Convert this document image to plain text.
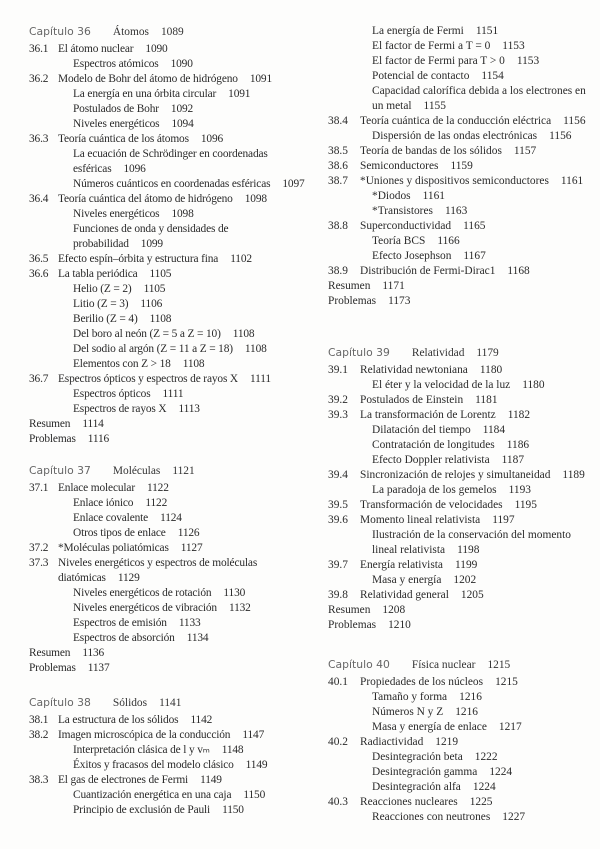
Capítulo 36 Átomos 1089
36.1 El átomo nuclear 1090
Espectros atómicos 1090
36.2 Modelo de Bohr del átomo de hidrógeno 1091
La energía en una órbita circular 1091
Postulados de Bohr 1092
Niveles energéticos 1094
36.3 Teoría cuántica de los átomos 1096
La ecuación de Schrödinger en coordenadas esféricas 1096
Números cuánticos en coordenadas esféricas 1097
36.4 Teoría cuántica del átomo de hidrógeno 1098
Niveles energéticos 1098
Funciones de onda y densidades de probabilidad 1099
36.5 Efecto espín–órbita y estructura fina 1102
36.6 La tabla periódica 1105
Helio (Z = 2) 1105
Litio (Z = 3) 1106
Berilio (Z = 4) 1108
Del boro al neón (Z = 5 a Z = 10) 1108
Del sodio al argón (Z = 11 a Z = 18) 1108
Elementos con Z > 18 1108
36.7 Espectros ópticos y espectros de rayos X 1111
Espectros ópticos 1111
Espectros de rayos X 1113
Resumen 1114
Problemas 1116
Capítulo 37 Moléculas 1121
37.1 Enlace molecular 1122
Enlace iónico 1122
Enlace covalente 1124
Otros tipos de enlace 1126
37.2 *Moléculas poliatómicas 1127
37.3 Niveles energéticos y espectros de moléculas diatómicas 1129
Niveles energéticos de rotación 1130
Niveles energéticos de vibración 1132
Espectros de emisión 1133
Espectros de absorción 1134
Resumen 1136
Problemas 1137
Capítulo 38 Sólidos 1141
38.1 La estructura de los sólidos 1142
38.2 Imagen microscópica de la conducción 1147
Interpretación clásica de l y vₘ 1148
Éxitos y fracasos del modelo clásico 1149
38.3 El gas de electrones de Fermi 1149
Cuantización energética en una caja 1150
Principio de exclusión de Pauli 1150
La energía de Fermi 1151
El factor de Fermi a T = 0 1153
El factor de Fermi para T > 0 1153
Potencial de contacto 1154
Capacidad calorífica debida a los electrones en un metal 1155
38.4 Teoría cuántica de la conducción eléctrica 1156
Dispersión de las ondas electrónicas 1156
38.5 Teoría de bandas de los sólidos 1157
38.6 Semiconductores 1159
38.7 *Uniones y dispositivos semiconductores 1161
*Diodos 1161
*Transistores 1163
38.8 Superconductividad 1165
Teoría BCS 1166
Efecto Josephson 1167
38.9 Distribución de Fermi-Dirac1 1168
Resumen 1171
Problemas 1173
Capítulo 39 Relatividad 1179
39.1 Relatividad newtoniana 1180
El éter y la velocidad de la luz 1180
39.2 Postulados de Einstein 1181
39.3 La transformación de Lorentz 1182
Dilatación del tiempo 1184
Contratación de longitudes 1186
Efecto Doppler relativista 1187
39.4 Sincronización de relojes y simultaneidad 1189
La paradoja de los gemelos 1193
39.5 Transformación de velocidades 1195
39.6 Momento lineal relativista 1197
Ilustración de la conservación del momento lineal relativista 1198
39.7 Energía relativista 1199
Masa y energía 1202
39.8 Relatividad general 1205
Resumen 1208
Problemas 1210
Capítulo 40 Física nuclear 1215
40.1 Propiedades de los núcleos 1215
Tamaño y forma 1216
Números N y Z 1216
Masa y energía de enlace 1217
40.2 Radiactividad 1219
Desintegración beta 1222
Desintegración gamma 1224
Desintegración alfa 1224
40.3 Reacciones nucleares 1225
Reacciones con neutrones 1227
